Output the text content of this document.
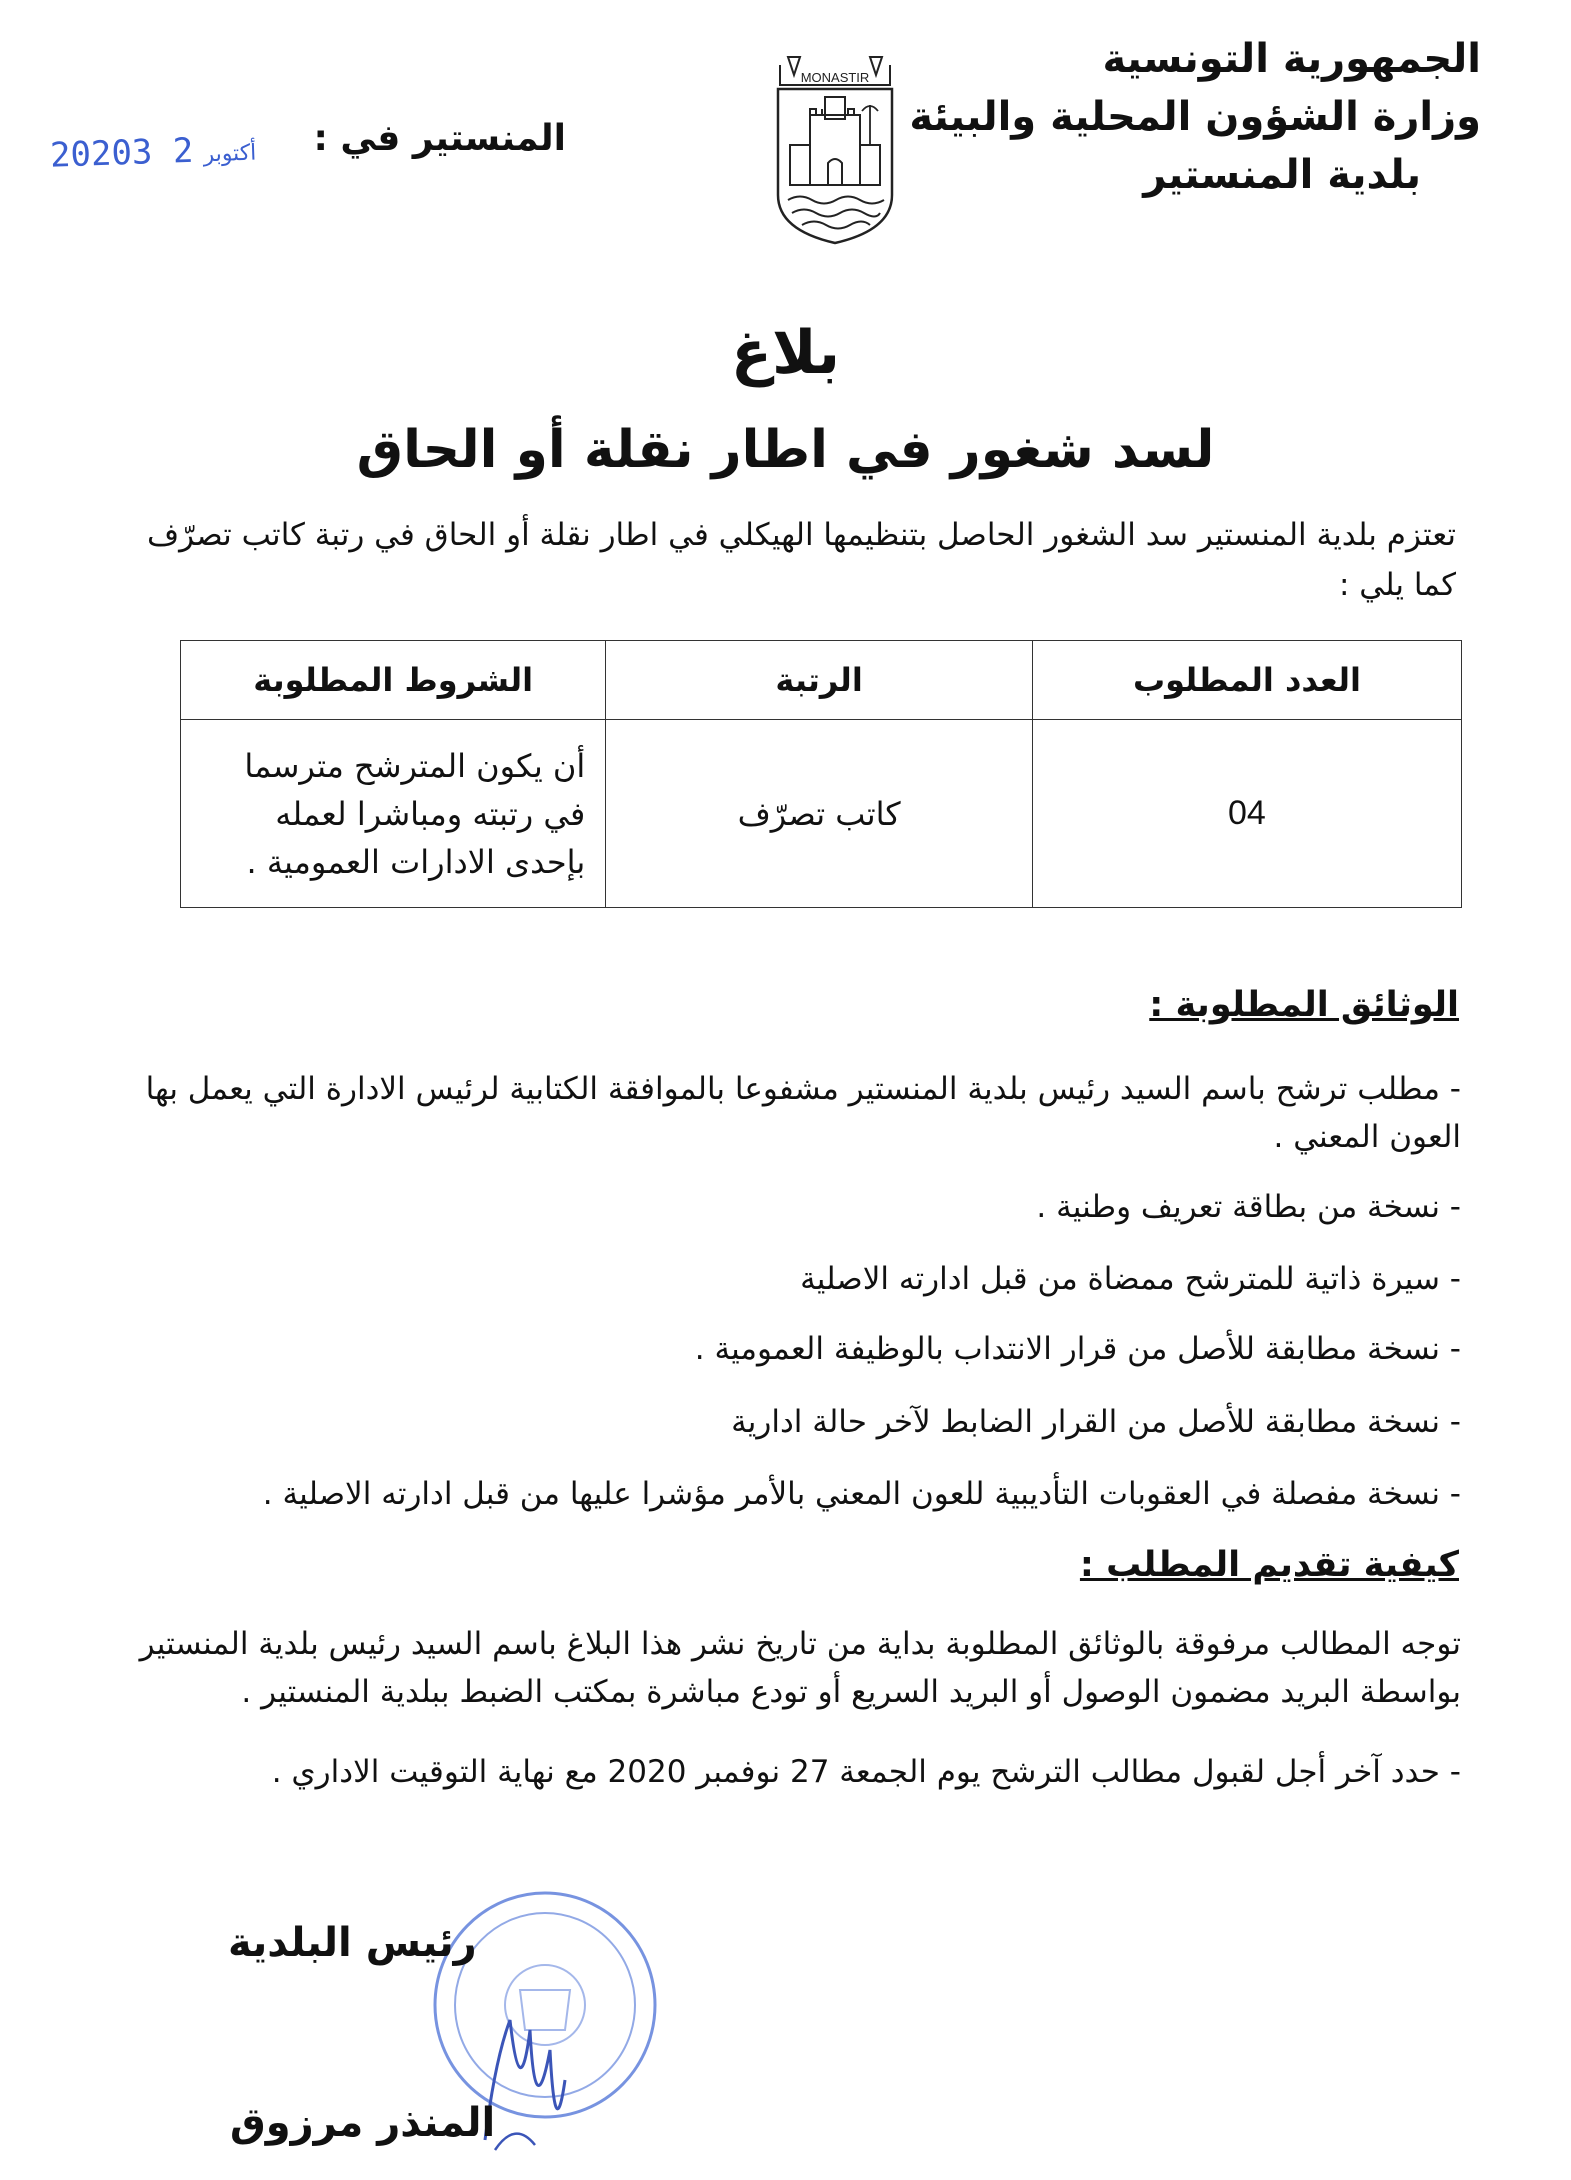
الجمهورية التونسية
وزارة الشؤون المحلية والبيئة
بلدية المنستير
MONASTIR
المنستير في :
2020	أكتوبر2 3
بلاغ
لسد شغور في اطار نقلة أو الحاق
تعتزم بلدية المنستير سد الشغور الحاصل بتنظيمها الهيكلي في اطار نقلة أو الحاق في رتبة كاتب تصرّف كما يلي :
العدد المطلوب	الرتبة	الشروط المطلوبة
04	كاتب تصرّف	أن يكون المترشح مترسما
في رتبته ومباشرا لعمله
بإحدى الادارات العمومية .
الوثائق المطلوبة :
- مطلب ترشح باسم السيد رئيس بلدية المنستير مشفوعا بالموافقة الكتابية لرئيس الادارة التي يعمل بها العون المعني .
- نسخة من بطاقة تعريف وطنية .
- سيرة ذاتية للمترشح ممضاة من قبل ادارته الاصلية
- نسخة مطابقة للأصل من قرار الانتداب بالوظيفة العمومية .
- نسخة مطابقة للأصل من القرار الضابط لآخر حالة ادارية
- نسخة مفصلة في العقوبات التأديبية للعون المعني بالأمر مؤشرا عليها من قبل ادارته الاصلية .
كيفية تقديم المطلب :
توجه المطالب مرفوقة بالوثائق المطلوبة بداية من تاريخ نشر هذا البلاغ باسم السيد رئيس بلدية المنستير بواسطة البريد مضمون الوصول أو البريد السريع أو تودع مباشرة بمكتب الضبط ببلدية المنستير .
- حدد آخر أجل لقبول مطالب الترشح يوم الجمعة 27 نوفمبر 2020 مع نهاية التوقيت الاداري .
رئيس البلدية
المنذر مرزوق
